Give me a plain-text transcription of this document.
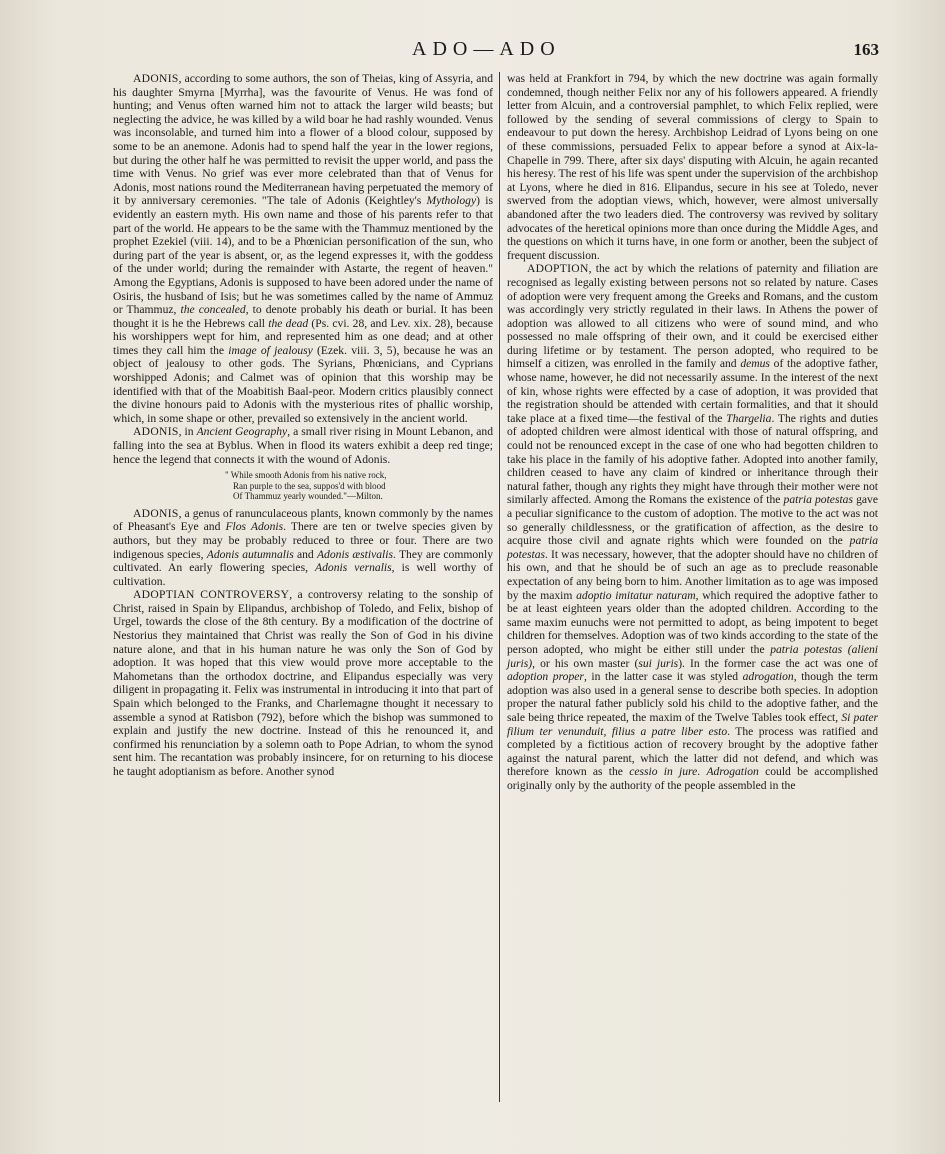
ADO—ADO	163

ADONIS, according to some authors, the son of Theias, king of Assyria, and his daughter Smyrna [Myrrha], was the favourite of Venus. He was fond of hunting; and Venus often warned him not to attack the larger wild beasts; but neglecting the advice, he was killed by a wild boar he had rashly wounded. Venus was inconsolable, and turned him into a flower of a blood colour, supposed by some to be an anemone. Adonis had to spend half the year in the lower regions, but during the other half he was permitted to revisit the upper world, and pass the time with Venus. No grief was ever more celebrated than that of Venus for Adonis, most nations round the Mediterranean having perpetuated the memory of it by anniversary ceremonies. "The tale of Adonis (Keightley's Mythology) is evidently an eastern myth. His own name and those of his parents refer to that part of the world. He appears to be the same with the Thammuz mentioned by the prophet Ezekiel (viii. 14), and to be a Phœnician personification of the sun, who during part of the year is absent, or, as the legend expresses it, with the goddess of the under world; during the remainder with Astarte, the regent of heaven." Among the Egyptians, Adonis is supposed to have been adored under the name of Osiris, the husband of Isis; but he was sometimes called by the name of Ammuz or Thammuz, the concealed, to denote probably his death or burial. It has been thought it is he the Hebrews call the dead (Ps. cvi. 28, and Lev. xix. 28), because his worshippers wept for him, and represented him as one dead; and at other times they call him the image of jealousy (Ezek. viii. 3, 5), because he was an object of jealousy to other gods. The Syrians, Phœnicians, and Cyprians worshipped Adonis; and Calmet was of opinion that this worship may be identified with that of the Moabitish Baal-peor. Modern critics plausibly connect the divine honours paid to Adonis with the mysterious rites of phallic worship, which, in some shape or other, prevailed so extensively in the ancient world.

ADONIS, in Ancient Geography, a small river rising in Mount Lebanon, and falling into the sea at Byblus. When in flood its waters exhibit a deep red tinge; hence the legend that connects it with the wound of Adonis.

" While smooth Adonis from his native rock,
Ran purple to the sea, suppos'd with blood
Of Thammuz yearly wounded."—Milton.

ADONIS, a genus of ranunculaceous plants, known commonly by the names of Pheasant's Eye and Flos Adonis. There are ten or twelve species given by authors, but they may be probably reduced to three or four. There are two indigenous species, Adonis autumnalis and Adonis æstivalis. They are commonly cultivated. An early flowering species, Adonis vernalis, is well worthy of cultivation.

ADOPTIAN CONTROVERSY, a controversy relating to the sonship of Christ, raised in Spain by Elipandus, archbishop of Toledo, and Felix, bishop of Urgel, towards the close of the 8th century. By a modification of the doctrine of Nestorius they maintained that Christ was really the Son of God in his divine nature alone, and that in his human nature he was only the Son of God by adoption. It was hoped that this view would prove more acceptable to the Mahometans than the orthodox doctrine, and Elipandus especially was very diligent in propagating it. Felix was instrumental in introducing it into that part of Spain which belonged to the Franks, and Charlemagne thought it necessary to assemble a synod at Ratisbon (792), before which the bishop was summoned to explain and justify the new doctrine. Instead of this he renounced it, and confirmed his renunciation by a solemn oath to Pope Adrian, to whom the synod sent him. The recantation was probably insincere, for on returning to his diocese he taught adoptianism as before. Another synod

was held at Frankfort in 794, by which the new doctrine was again formally condemned, though neither Felix nor any of his followers appeared. A friendly letter from Alcuin, and a controversial pamphlet, to which Felix replied, were followed by the sending of several commissions of clergy to Spain to endeavour to put down the heresy. Archbishop Leidrad of Lyons being on one of these commissions, persuaded Felix to appear before a synod at Aix-la-Chapelle in 799. There, after six days' disputing with Alcuin, he again recanted his heresy. The rest of his life was spent under the supervision of the archbishop at Lyons, where he died in 816. Elipandus, secure in his see at Toledo, never swerved from the adoptian views, which, however, were almost universally abandoned after the two leaders died. The controversy was revived by solitary advocates of the heretical opinions more than once during the Middle Ages, and the questions on which it turns have, in one form or another, been the subject of frequent discussion.

ADOPTION, the act by which the relations of paternity and filiation are recognised as legally existing between persons not so related by nature. Cases of adoption were very frequent among the Greeks and Romans, and the custom was accordingly very strictly regulated in their laws. In Athens the power of adoption was allowed to all citizens who were of sound mind, and who possessed no male offspring of their own, and it could be exercised either during lifetime or by testament. The person adopted, who required to be himself a citizen, was enrolled in the family and demus of the adoptive father, whose name, however, he did not necessarily assume. In the interest of the next of kin, whose rights were effected by a case of adoption, it was provided that the registration should be attended with certain formalities, and that it should take place at a fixed time—the festival of the Thargelia. The rights and duties of adopted children were almost identical with those of natural offspring, and could not be renounced except in the case of one who had begotten children to take his place in the family of his adoptive father. Adopted into another family, children ceased to have any claim of kindred or inheritance through their natural father, though any rights they might have through their mother were not similarly affected. Among the Romans the existence of the patria potestas gave a peculiar significance to the custom of adoption. The motive to the act was not so generally childlessness, or the gratification of affection, as the desire to acquire those civil and agnate rights which were founded on the patria potestas. It was necessary, however, that the adopter should have no children of his own, and that he should be of such an age as to preclude reasonable expectation of any being born to him. Another limitation as to age was imposed by the maxim adoptio imitatur naturam, which required the adoptive father to be at least eighteen years older than the adopted children. According to the same maxim eunuchs were not permitted to adopt, as being impotent to beget children for themselves. Adoption was of two kinds according to the state of the person adopted, who might be either still under the patria potestas (alieni juris), or his own master (sui juris). In the former case the act was one of adoption proper, in the latter case it was styled adrogation, though the term adoption was also used in a general sense to describe both species. In adoption proper the natural father publicly sold his child to the adoptive father, and the sale being thrice repeated, the maxim of the Twelve Tables took effect, Si pater filium ter venunduit, filius a patre liber esto. The process was ratified and completed by a fictitious action of recovery brought by the adoptive father against the natural parent, which the latter did not defend, and which was therefore known as the cessio in jure. Adrogation could be accomplished originally only by the authority of the people assembled in the
